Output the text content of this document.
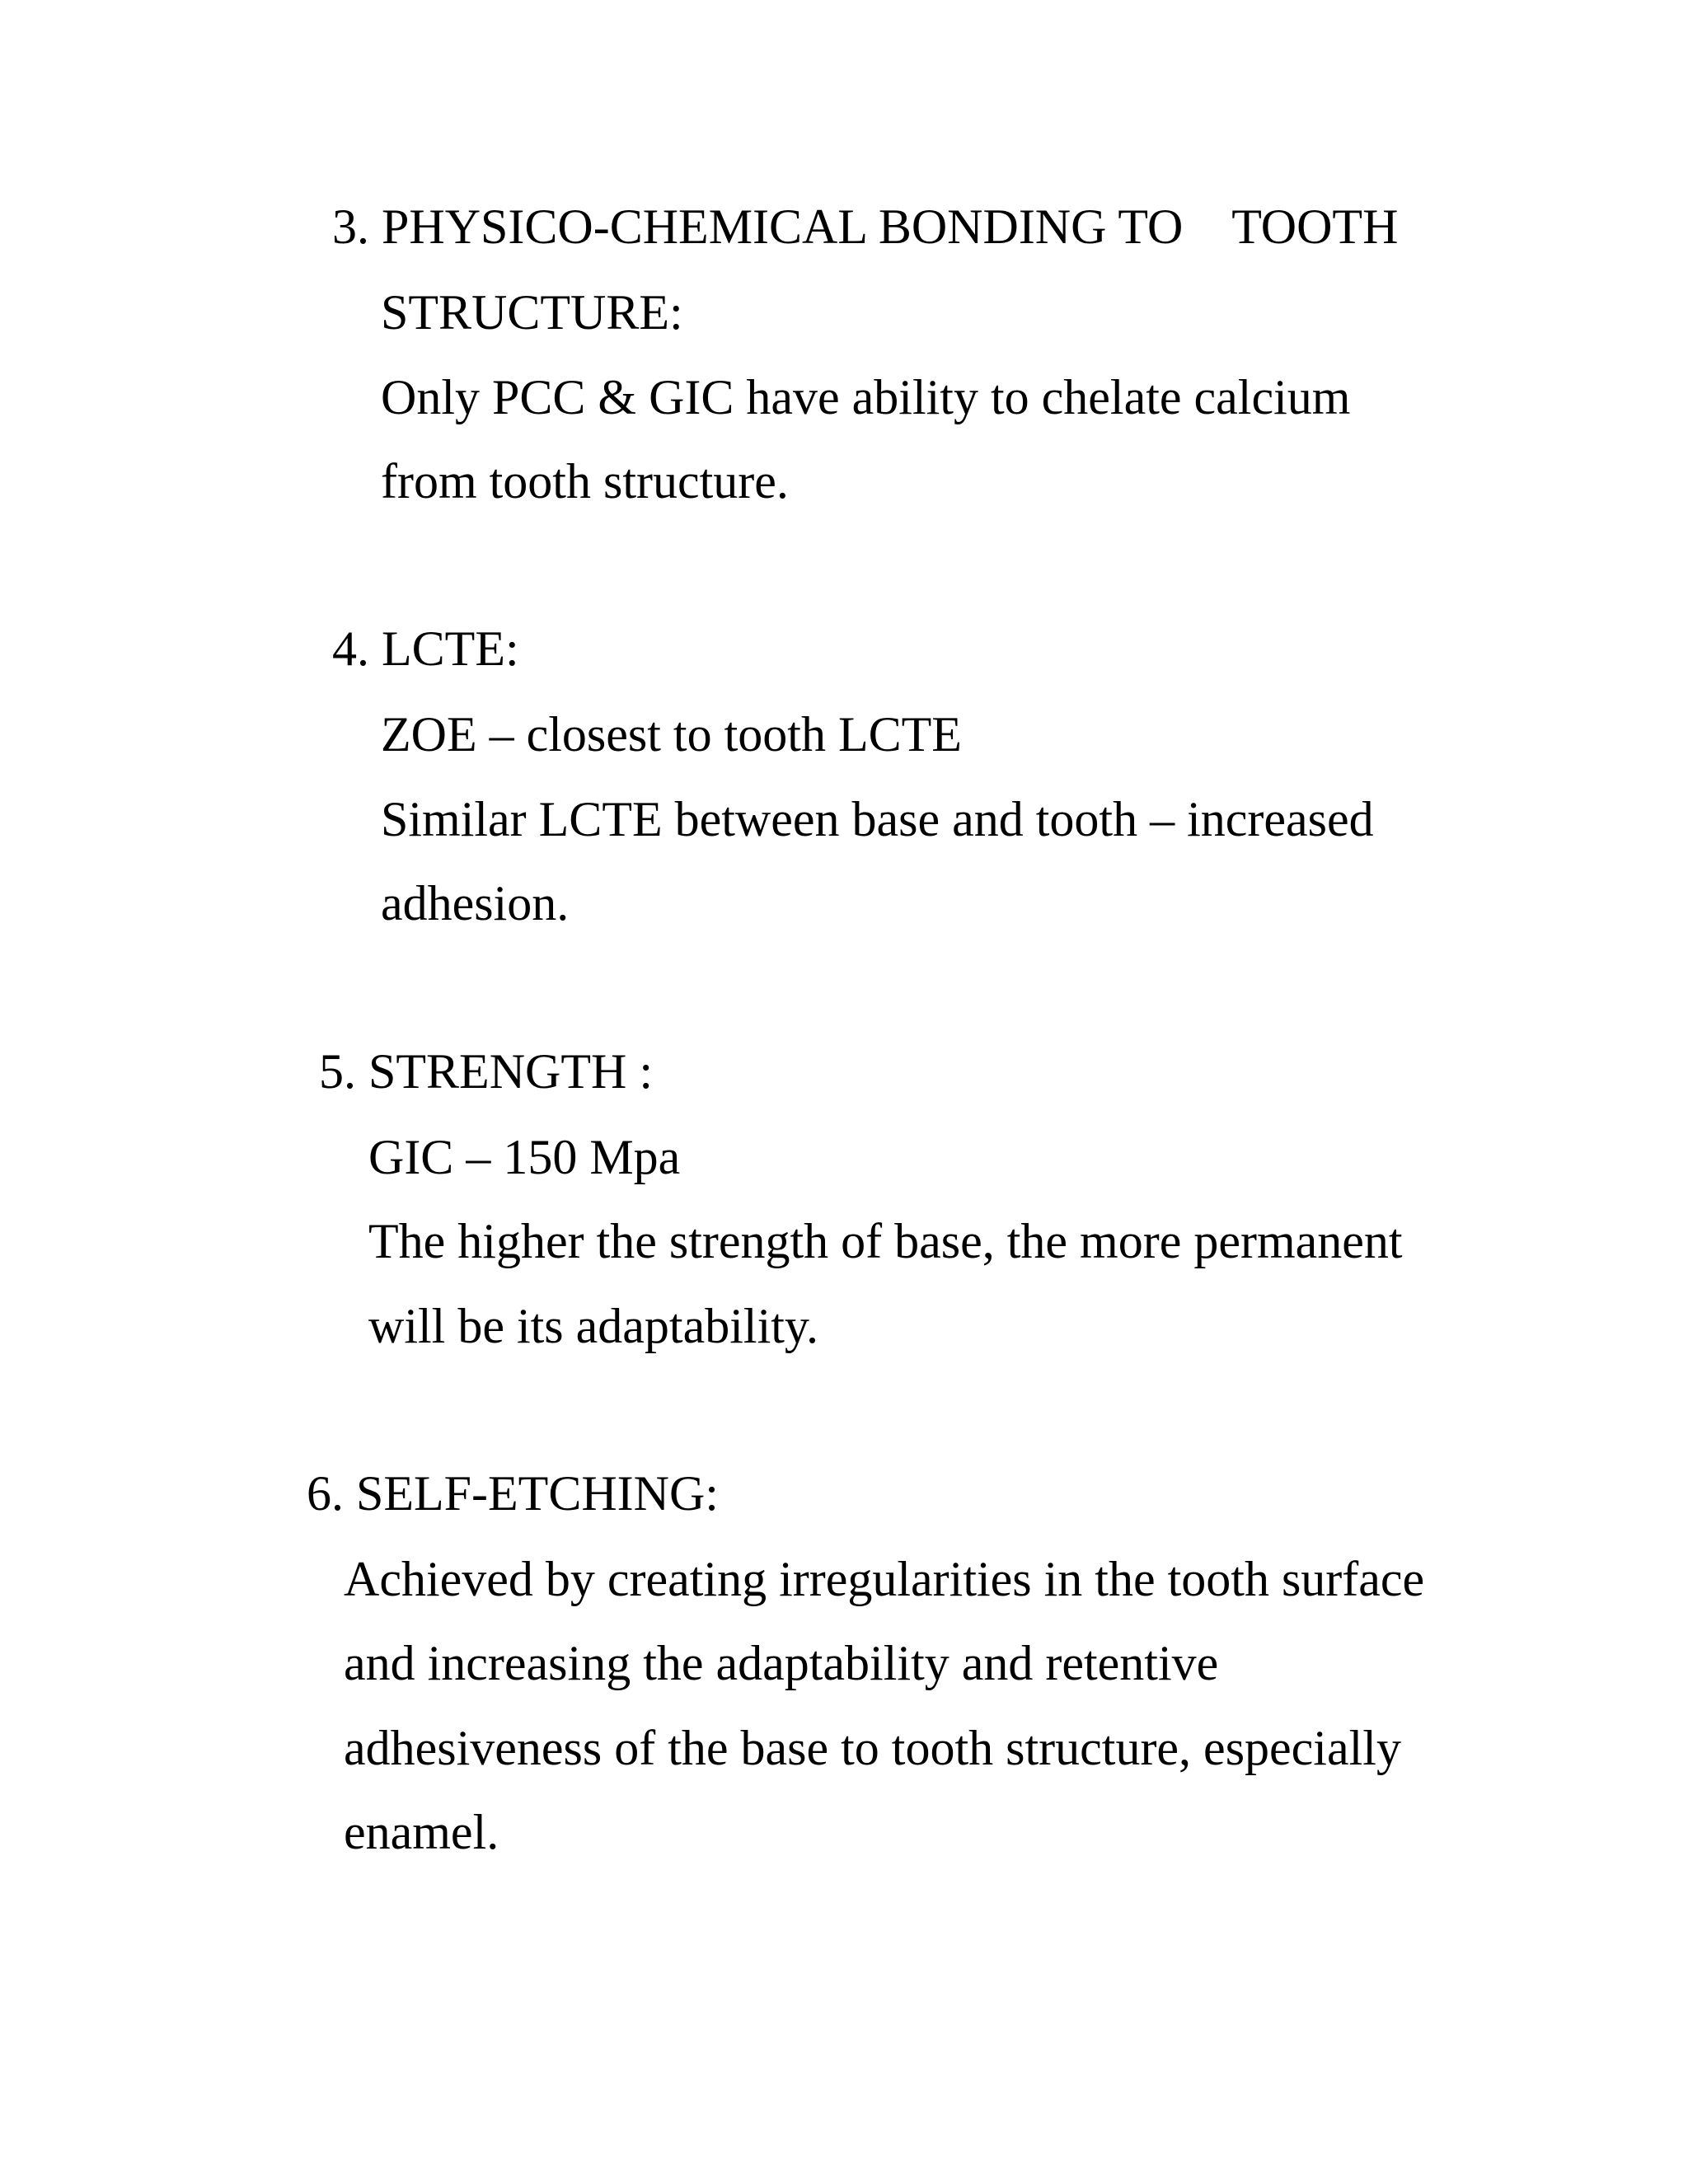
3. PHYSICO-CHEMICAL BONDING TO    TOOTH

STRUCTURE:

Only PCC & GIC have ability to chelate calcium

from tooth structure.

4. LCTE:

ZOE – closest to tooth LCTE

Similar LCTE between base and tooth – increased

adhesion.

5. STRENGTH :

GIC – 150 Mpa

The higher the strength of base, the more permanent

will be its adaptability.

6. SELF-ETCHING:

Achieved by creating irregularities in the tooth surface

and increasing the adaptability and retentive

adhesiveness of the base to tooth structure, especially

enamel.
